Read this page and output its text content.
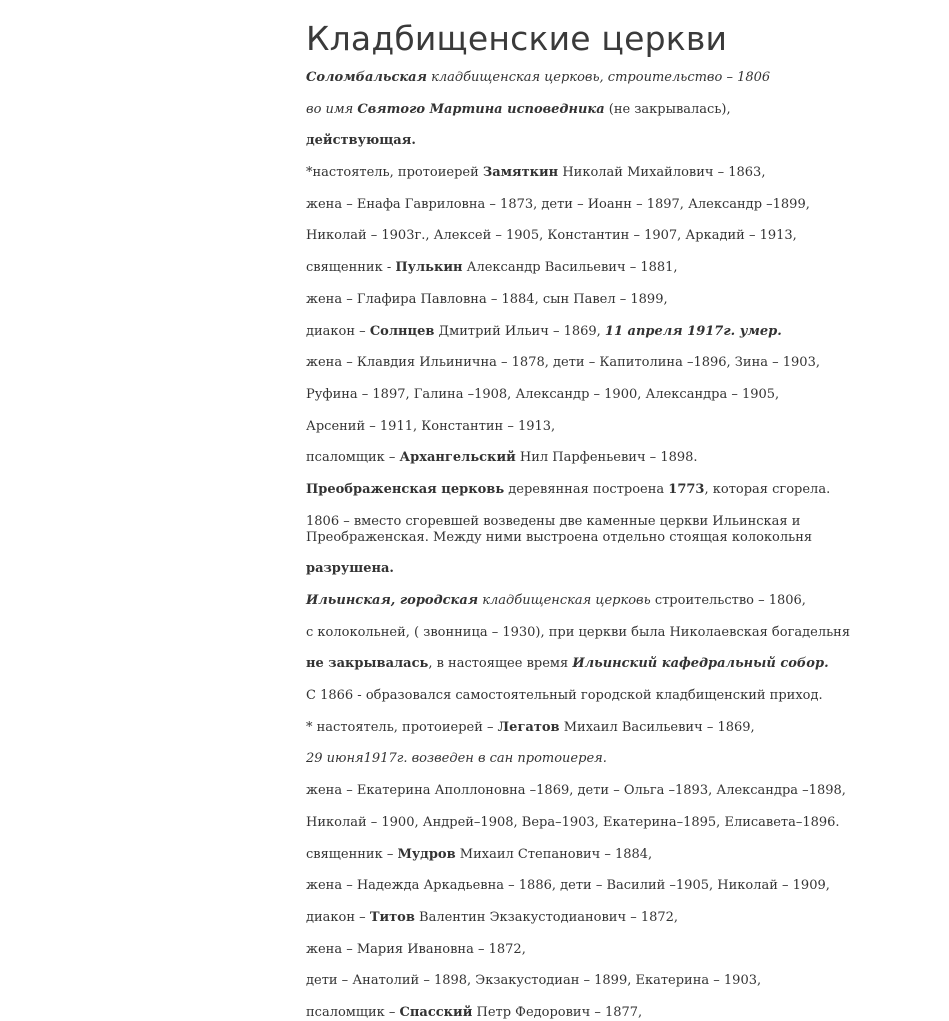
Кладбищенские церкви

Соломбальская кладбищенская церковь, строительство – 1806

во имя Святого Мартина исповедника (не закрывалась),

действующая.

*настоятель, протоиерей Замяткин Николай Михайлович – 1863,

жена – Енафа Гавриловна – 1873, дети – Иоанн – 1897, Александр –1899,

Николай – 1903г., Алексей – 1905, Константин – 1907, Аркадий – 1913,

священник - Пулькин Александр Васильевич – 1881,

жена – Глафира Павловна – 1884, сын Павел – 1899,

диакон – Солнцев Дмитрий Ильич – 1869, 11 апреля 1917г. умер.

жена – Клавдия Ильинична – 1878, дети – Капитолина –1896, Зина – 1903,

Руфина – 1897, Галина –1908, Александр – 1900, Александра – 1905,

Арсений – 1911, Константин – 1913,

псаломщик – Архангельский Нил Парфеньевич – 1898.

Преображенская церковь деревянная построена 1773, которая сгорела.

1806 – вместо сгоревшей возведены две каменные церкви Ильинская и Преображенская. Между ними выстроена отдельно стоящая колокольня

разрушена.

Ильинская, городская кладбищенская церковь строительство – 1806,

с колокольней, ( звонница – 1930), при церкви была Николаевская богадельня

не закрывалась, в настоящее время Ильинский кафедральный собор.

С 1866 - образовался самостоятельный городской кладбищенский приход.

* настоятель, протоиерей – Легатов Михаил Васильевич – 1869,

29 июня1917г. возведен в сан протоиерея.

жена – Екатерина Аполлоновна –1869, дети – Ольга –1893, Александра –1898,

Николай – 1900, Андрей–1908, Вера–1903, Екатерина–1895, Елисавета–1896.

священник – Мудров Михаил Степанович – 1884,

жена – Надежда Аркадьевна – 1886, дети – Василий –1905, Николай – 1909,

диакон – Титов Валентин Экзакустодианович – 1872,

жена – Мария Ивановна – 1872,

дети – Анатолий – 1898, Экзакустодиан – 1899, Екатерина – 1903,

псаломщик – Спасский Петр Федорович – 1877,
